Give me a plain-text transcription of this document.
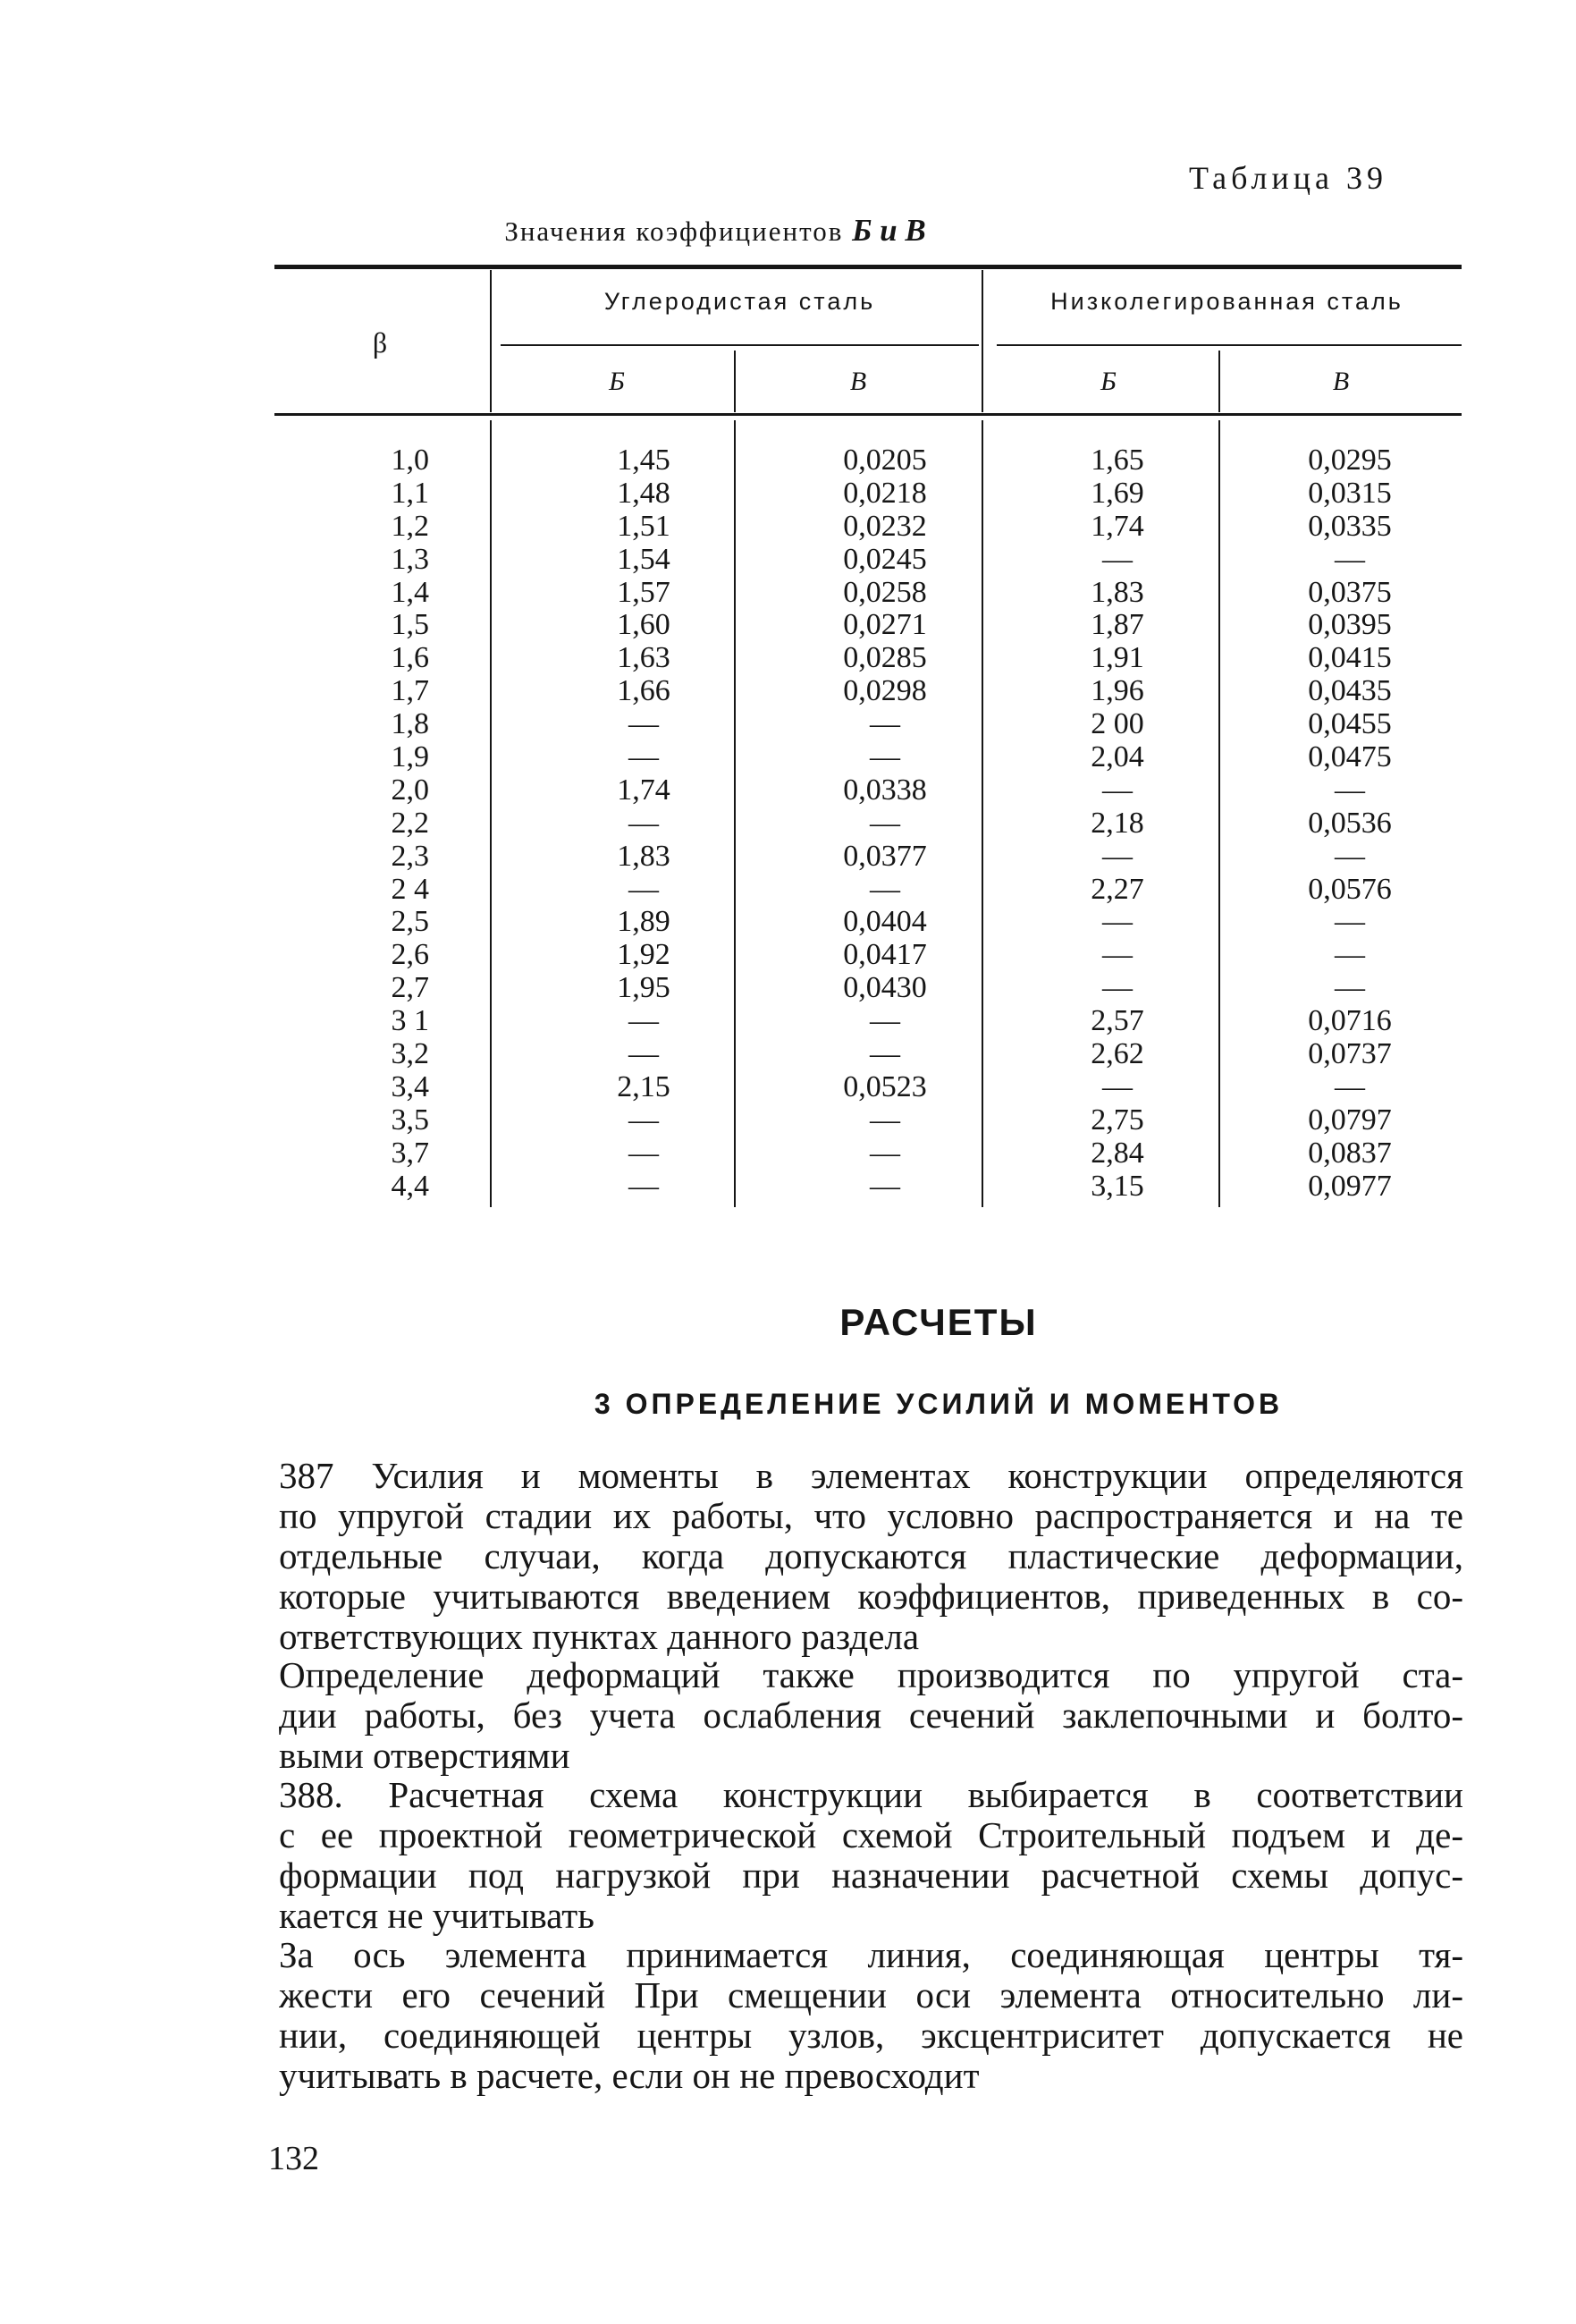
Таблица 39
Значения коэффициентов Б и В
β
Углеродистая сталь	Низколегированная сталь
Б	В	Б	В
1,0	1,45	0,0205	1,65	0,0295
1,1	1,48	0,0218	1,69	0,0315
1,2	1,51	0,0232	1,74	0,0335
1,3	1,54	0,0245	—	—
1,4	1,57	0,0258	1,83	0,0375
1,5	1,60	0,0271	1,87	0,0395
1,6	1,63	0,0285	1,91	0,0415
1,7	1,66	0,0298	1,96	0,0435
1,8	—	—	2 00	0,0455
1,9	—	—	2,04	0,0475
2,0	1,74	0,0338	—	—
2,2	—	—	2,18	0,0536
2,3	1,83	0,0377	—	—
2 4	—	—	2,27	0,0576
2,5	1,89	0,0404	—	—
2,6	1,92	0,0417	—	—
2,7	1,95	0,0430	—	—
3 1	—	—	2,57	0,0716
3,2	—	—	2,62	0,0737
3,4	2,15	0,0523	—	—
3,5	—	—	2,75	0,0797
3,7	—	—	2,84	0,0837
4,4	—	—	3,15	0,0977
РАСЧЕТЫ
3 ОПРЕДЕЛЕНИЕ УСИЛИЙ И МОМЕНТОВ
387 Усилия и моменты в элементах конструкции определяются
по упругой стадии их работы, что условно распространяется и на те
отдельные случаи, когда допускаются пластические деформации,
которые учитываются введением коэффициентов, приведенных в со-
ответствующих пунктах данного раздела
Определение деформаций также производится по упругой ста-
дии работы, без учета ослабления сечений заклепочными и болто-
выми отверстиями
388. Расчетная схема конструкции выбирается в соответствии
с ее проектной геометрической схемой Строительный подъем и де-
формации под нагрузкой при назначении расчетной схемы допус-
кается не учитывать
За ось элемента принимается линия, соединяющая центры тя-
жести его сечений При смещении оси элемента относительно ли-
нии, соединяющей центры узлов, эксцентриситет допускается не
учитывать в расчете, если он не превосходит
132
